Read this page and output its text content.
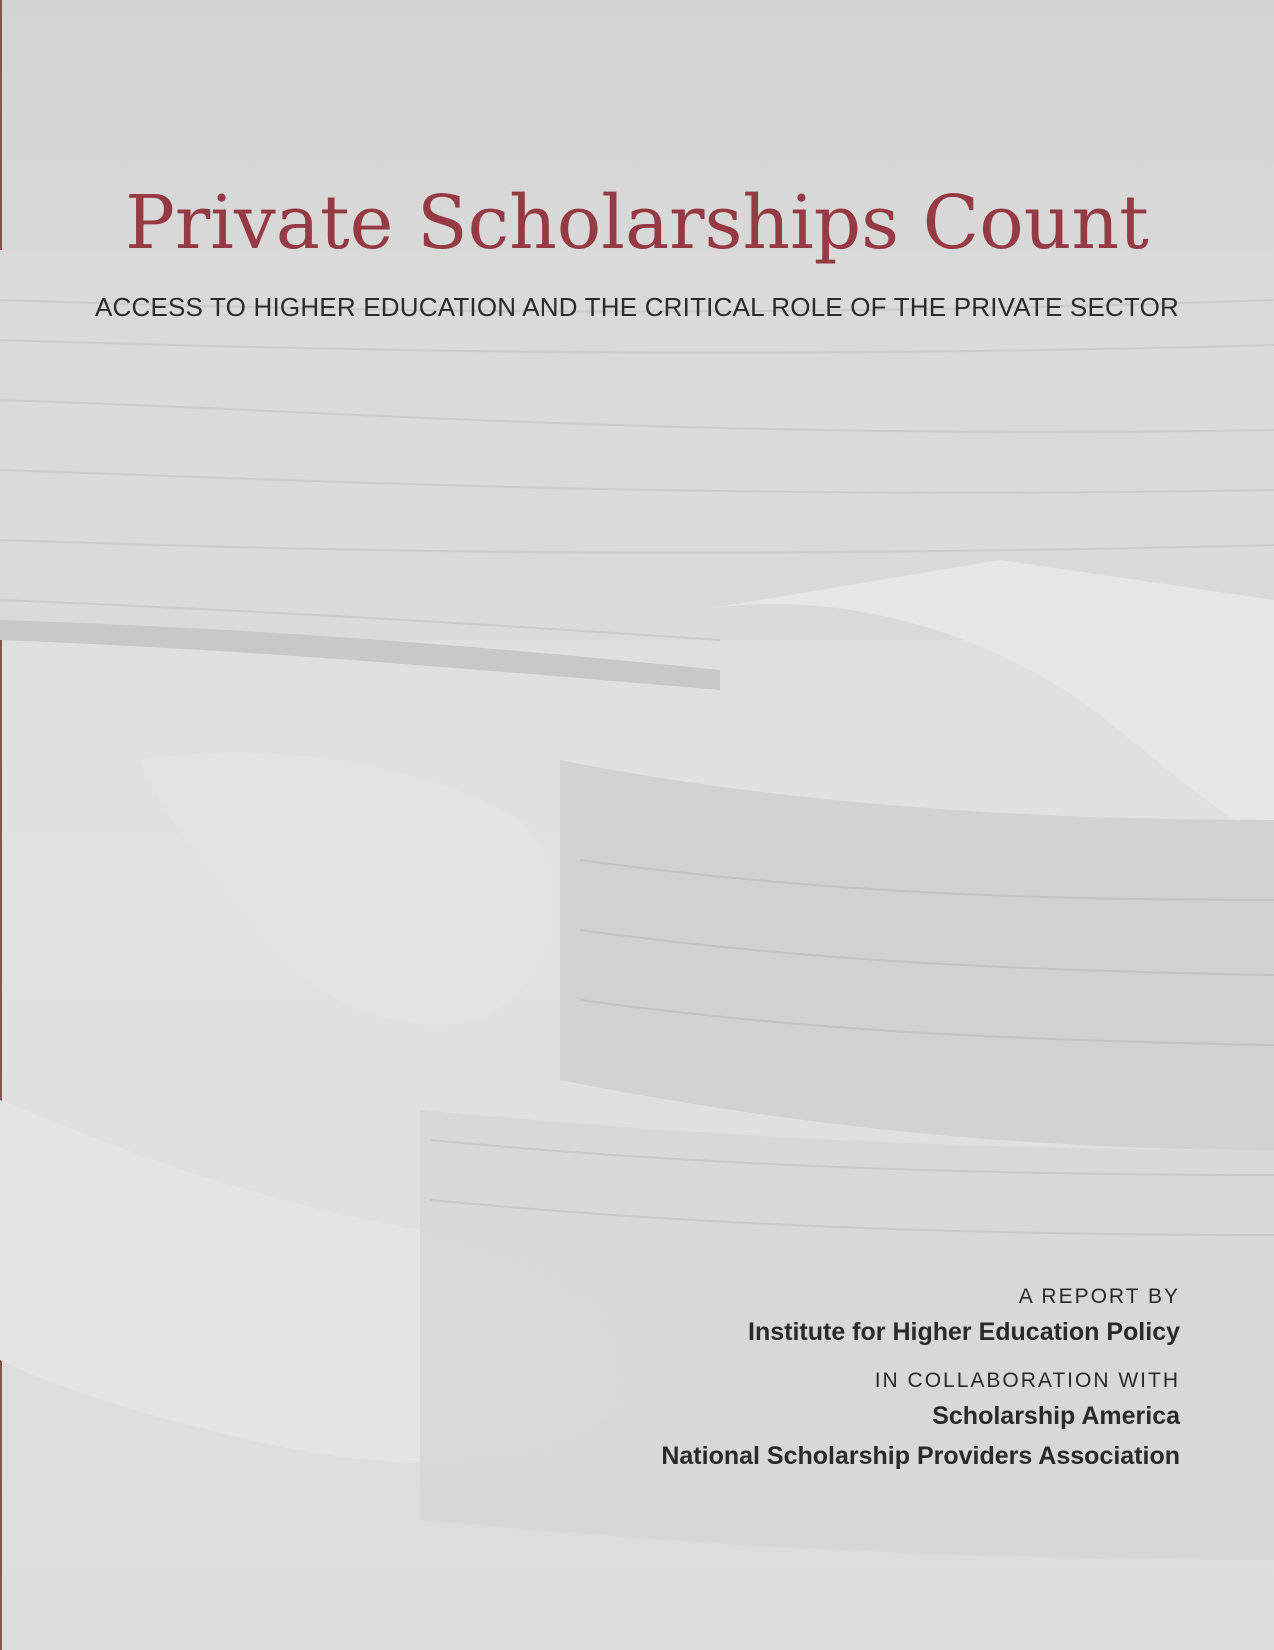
Private Scholarships Count
ACCESS TO HIGHER EDUCATION AND THE CRITICAL ROLE OF THE PRIVATE SECTOR
A REPORT BY
Institute for Higher Education Policy
IN COLLABORATION WITH
Scholarship America
National Scholarship Providers Association
